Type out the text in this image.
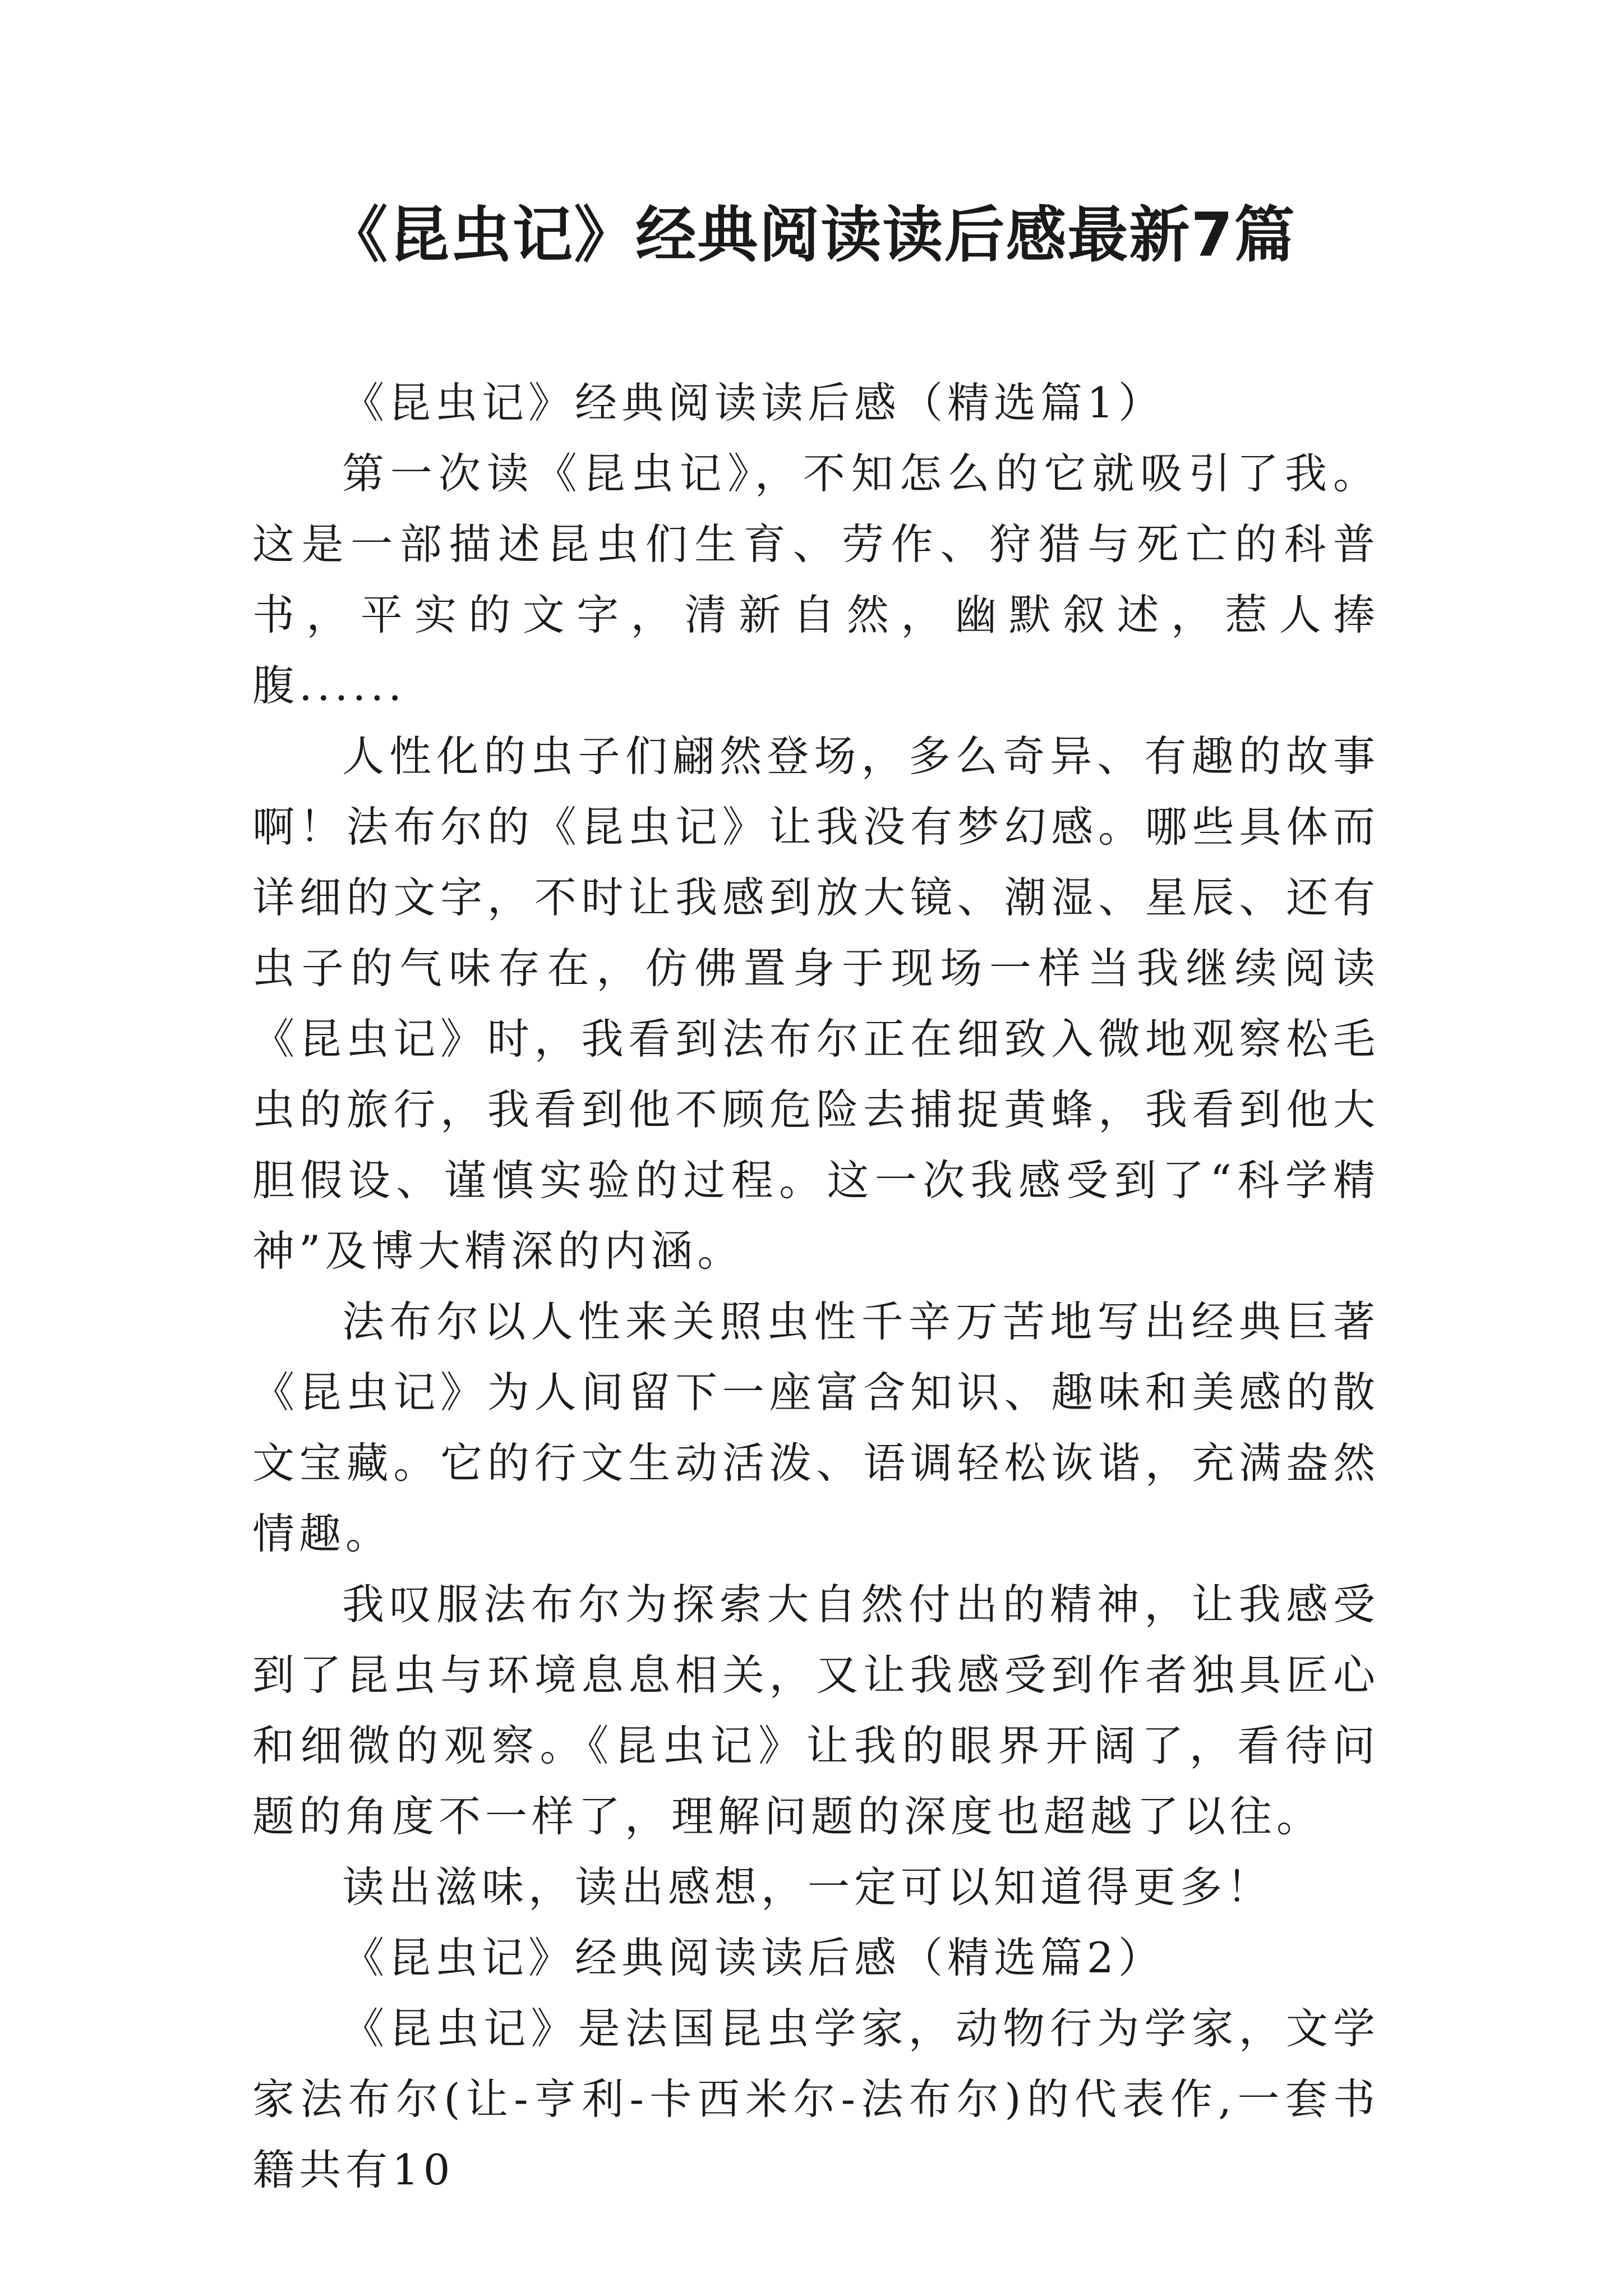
《昆虫记》经典阅读读后感最新7篇

《昆虫记》经典阅读读后感（精选篇1）

第一次读《昆虫记》，不知怎么的它就吸引了我。这是一部描述昆虫们生育、劳作、狩猎与死亡的科普书，平实的文字，清新自然，幽默叙述，惹人捧腹......

人性化的虫子们翩然登场，多么奇异、有趣的故事啊！法布尔的《昆虫记》让我没有梦幻感。哪些具体而详细的文字，不时让我感到放大镜、潮湿、星辰、还有虫子的气味存在，仿佛置身于现场一样当我继续阅读《昆虫记》时，我看到法布尔正在细致入微地观察松毛虫的旅行，我看到他不顾危险去捕捉黄蜂，我看到他大胆假设、谨慎实验的过程。这一次我感受到了“科学精神”及博大精深的内涵。

法布尔以人性来关照虫性千辛万苦地写出经典巨著《昆虫记》为人间留下一座富含知识、趣味和美感的散文宝藏。它的行文生动活泼、语调轻松诙谐，充满盎然情趣。

我叹服法布尔为探索大自然付出的精神，让我感受到了昆虫与环境息息相关，又让我感受到作者独具匠心和细微的观察。《昆虫记》让我的眼界开阔了，看待问题的角度不一样了，理解问题的深度也超越了以往。

读出滋味，读出感想，一定可以知道得更多！

《昆虫记》经典阅读读后感（精选篇2）

《昆虫记》是法国昆虫学家，动物行为学家，文学家法布尔(让-亨利-卡西米尔-法布尔)的代表作,一套书籍共有10
